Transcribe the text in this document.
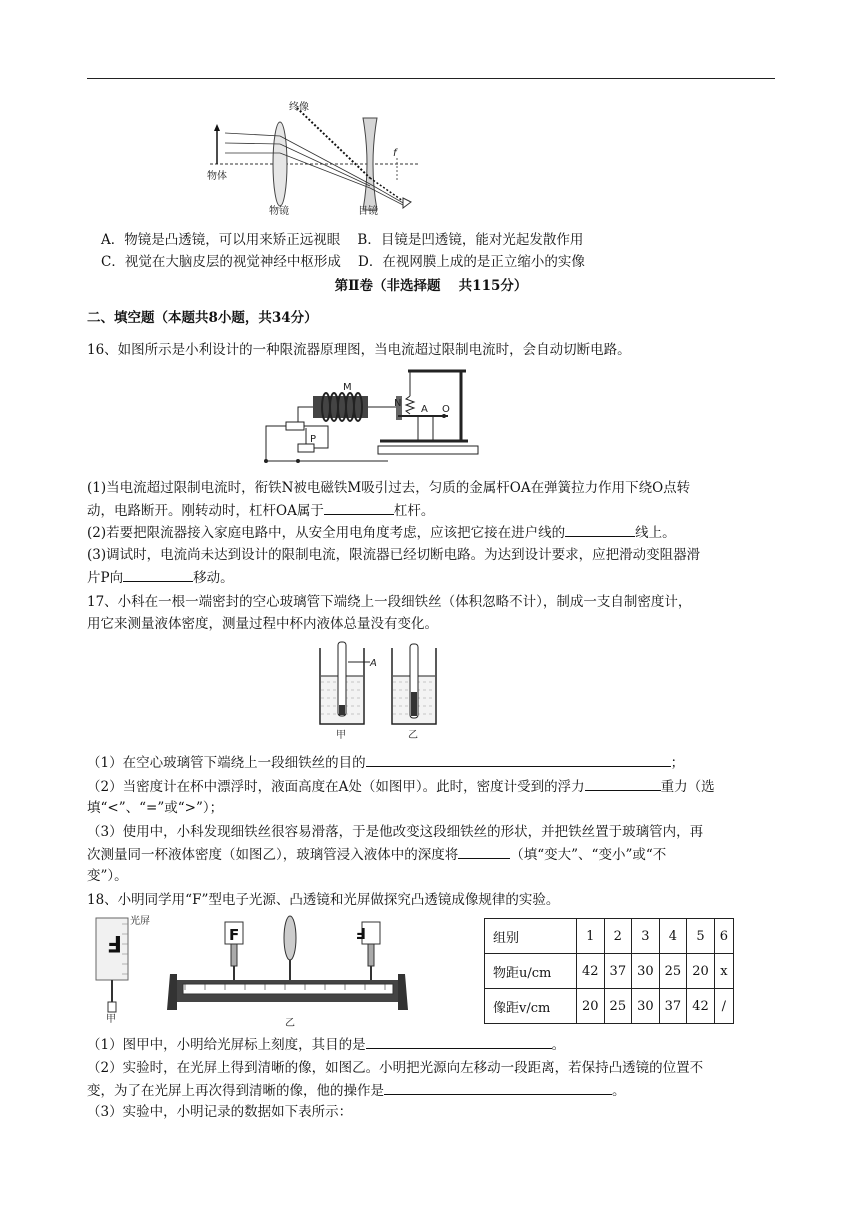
终像
物体
物镜	目镜
f
A．物镜是凸透镜，可以用来矫正远视眼 B．目镜是凹透镜，能对光起发散作用
C．视觉在大脑皮层的视觉神经中枢形成 D．在视网膜上成的是正立缩小的实像
第Ⅱ卷（非选择题　 共115分）
二、填空题（本题共8小题，共34分）
16、如图所示是小利设计的一种限流器原理图，当电流超过限制电流时，会自动切断电路。
M
N
A O
P
(1)当电流超过限制电流时，衔铁N被电磁铁M吸引过去，匀质的金属杆OA在弹簧拉力作用下绕O点转
动，电路断开。刚转动时，杠杆OA属于	杠杆。
(2)若要把限流器接入家庭电路中，从安全用电角度考虑，应该把它接在进户线的	线上。
(3)调试时，电流尚未达到设计的限制电流，限流器已经切断电路。为达到设计要求，应把滑动变阻器滑
片P向	移动。
17、小科在一根一端密封的空心玻璃管下端绕上一段细铁丝（体积忽略不计），制成一支自制密度计，
用它来测量液体密度，测量过程中杯内液体总量没有变化。
A
甲	乙
（1）在空心玻璃管下端绕上一段细铁丝的目的	；
（2）当密度计在杯中漂浮时，液面高度在A处（如图甲）。此时，密度计受到的浮力	重力（选
填“<”、“=”或“>”）；
（3）使用中，小科发现细铁丝很容易滑落，于是他改变这段细铁丝的形状，并把铁丝置于玻璃管内，再
次测量同一杯液体密度（如图乙），玻璃管浸入液体中的深度将	（填“变大”、“变小”或“不
变”）。
18、小明同学用“F”型电子光源、凸透镜和光屏做探究凸透镜成像规律的实验。
F
光屏
甲
F	F
乙
组别	1	2	3	4	5	6
物距u/cm	42	37	30	25	20	x
像距v/cm	20	25	30	37	42	/
（1）图甲中，小明给光屏标上刻度，其目的是	。
（2）实验时，在光屏上得到清晰的像，如图乙。小明把光源向左移动一段距离，若保持凸透镜的位置不
变，为了在光屏上再次得到清晰的像，他的操作是	。
（3）实验中，小明记录的数据如下表所示：
